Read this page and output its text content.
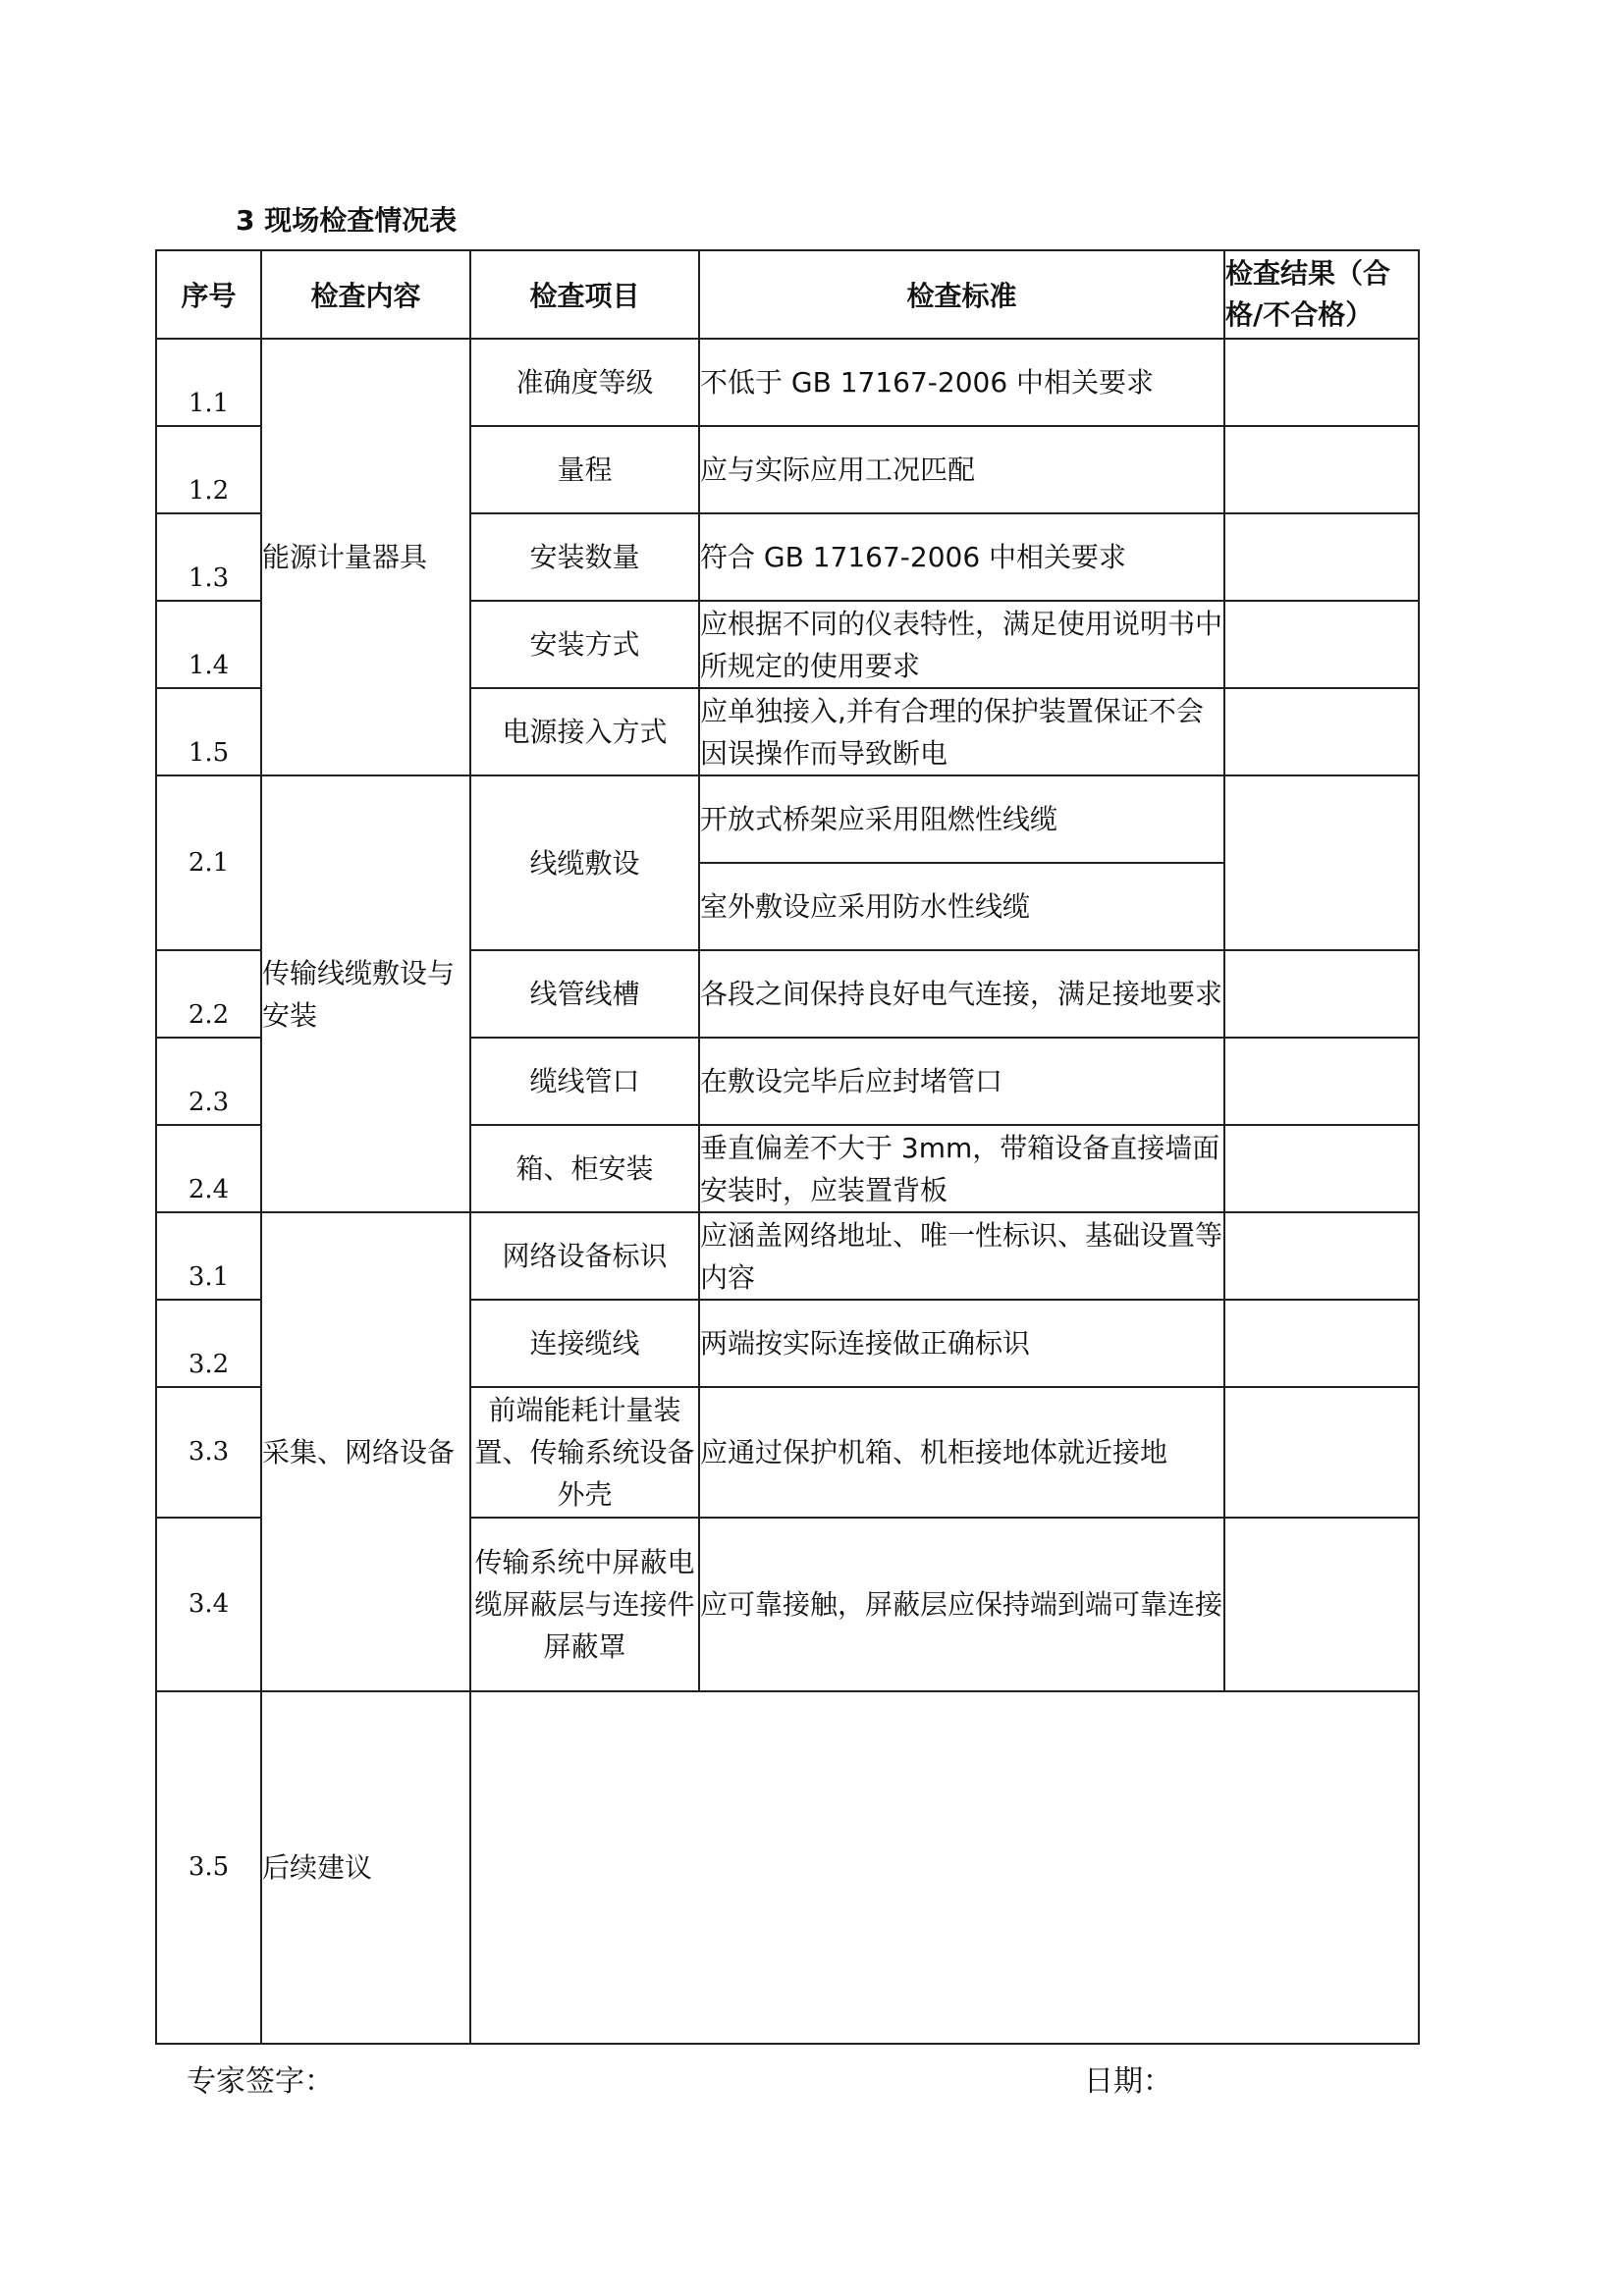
3 现场检查情况表
序号	检查内容	检查项目	检查标准	检查结果（合格/不合格）
1.1	能源计量器具	准确度等级	不低于 GB 17167-2006 中相关要求	
1.2		量程	应与实际应用工况匹配	
1.3		安装数量	符合 GB 17167-2006 中相关要求	
1.4		安装方式	应根据不同的仪表特性，满足使用说明书中所规定的使用要求	
1.5		电源接入方式	应单独接入,并有合理的保护装置保证不会因误操作而导致断电	
2.1	传输线缆敷设与安装	线缆敷设	开放式桥架应采用阻燃性线缆	
			室外敷设应采用防水性线缆	
2.2		线管线槽	各段之间保持良好电气连接，满足接地要求	
2.3		缆线管口	在敷设完毕后应封堵管口	
2.4		箱、柜安装	垂直偏差不大于 3mm，带箱设备直接墙面安装时，应装置背板	
3.1	采集、网络设备	网络设备标识	应涵盖网络地址、唯一性标识、基础设置等内容	
3.2		连接缆线	两端按实际连接做正确标识	
3.3		前端能耗计量装置、传输系统设备外壳	应通过保护机箱、机柜接地体就近接地	
3.4		传输系统中屏蔽电缆屏蔽层与连接件屏蔽罩	应可靠接触，屏蔽层应保持端到端可靠连接	
3.5	后续建议			
专家签字：	日期：
